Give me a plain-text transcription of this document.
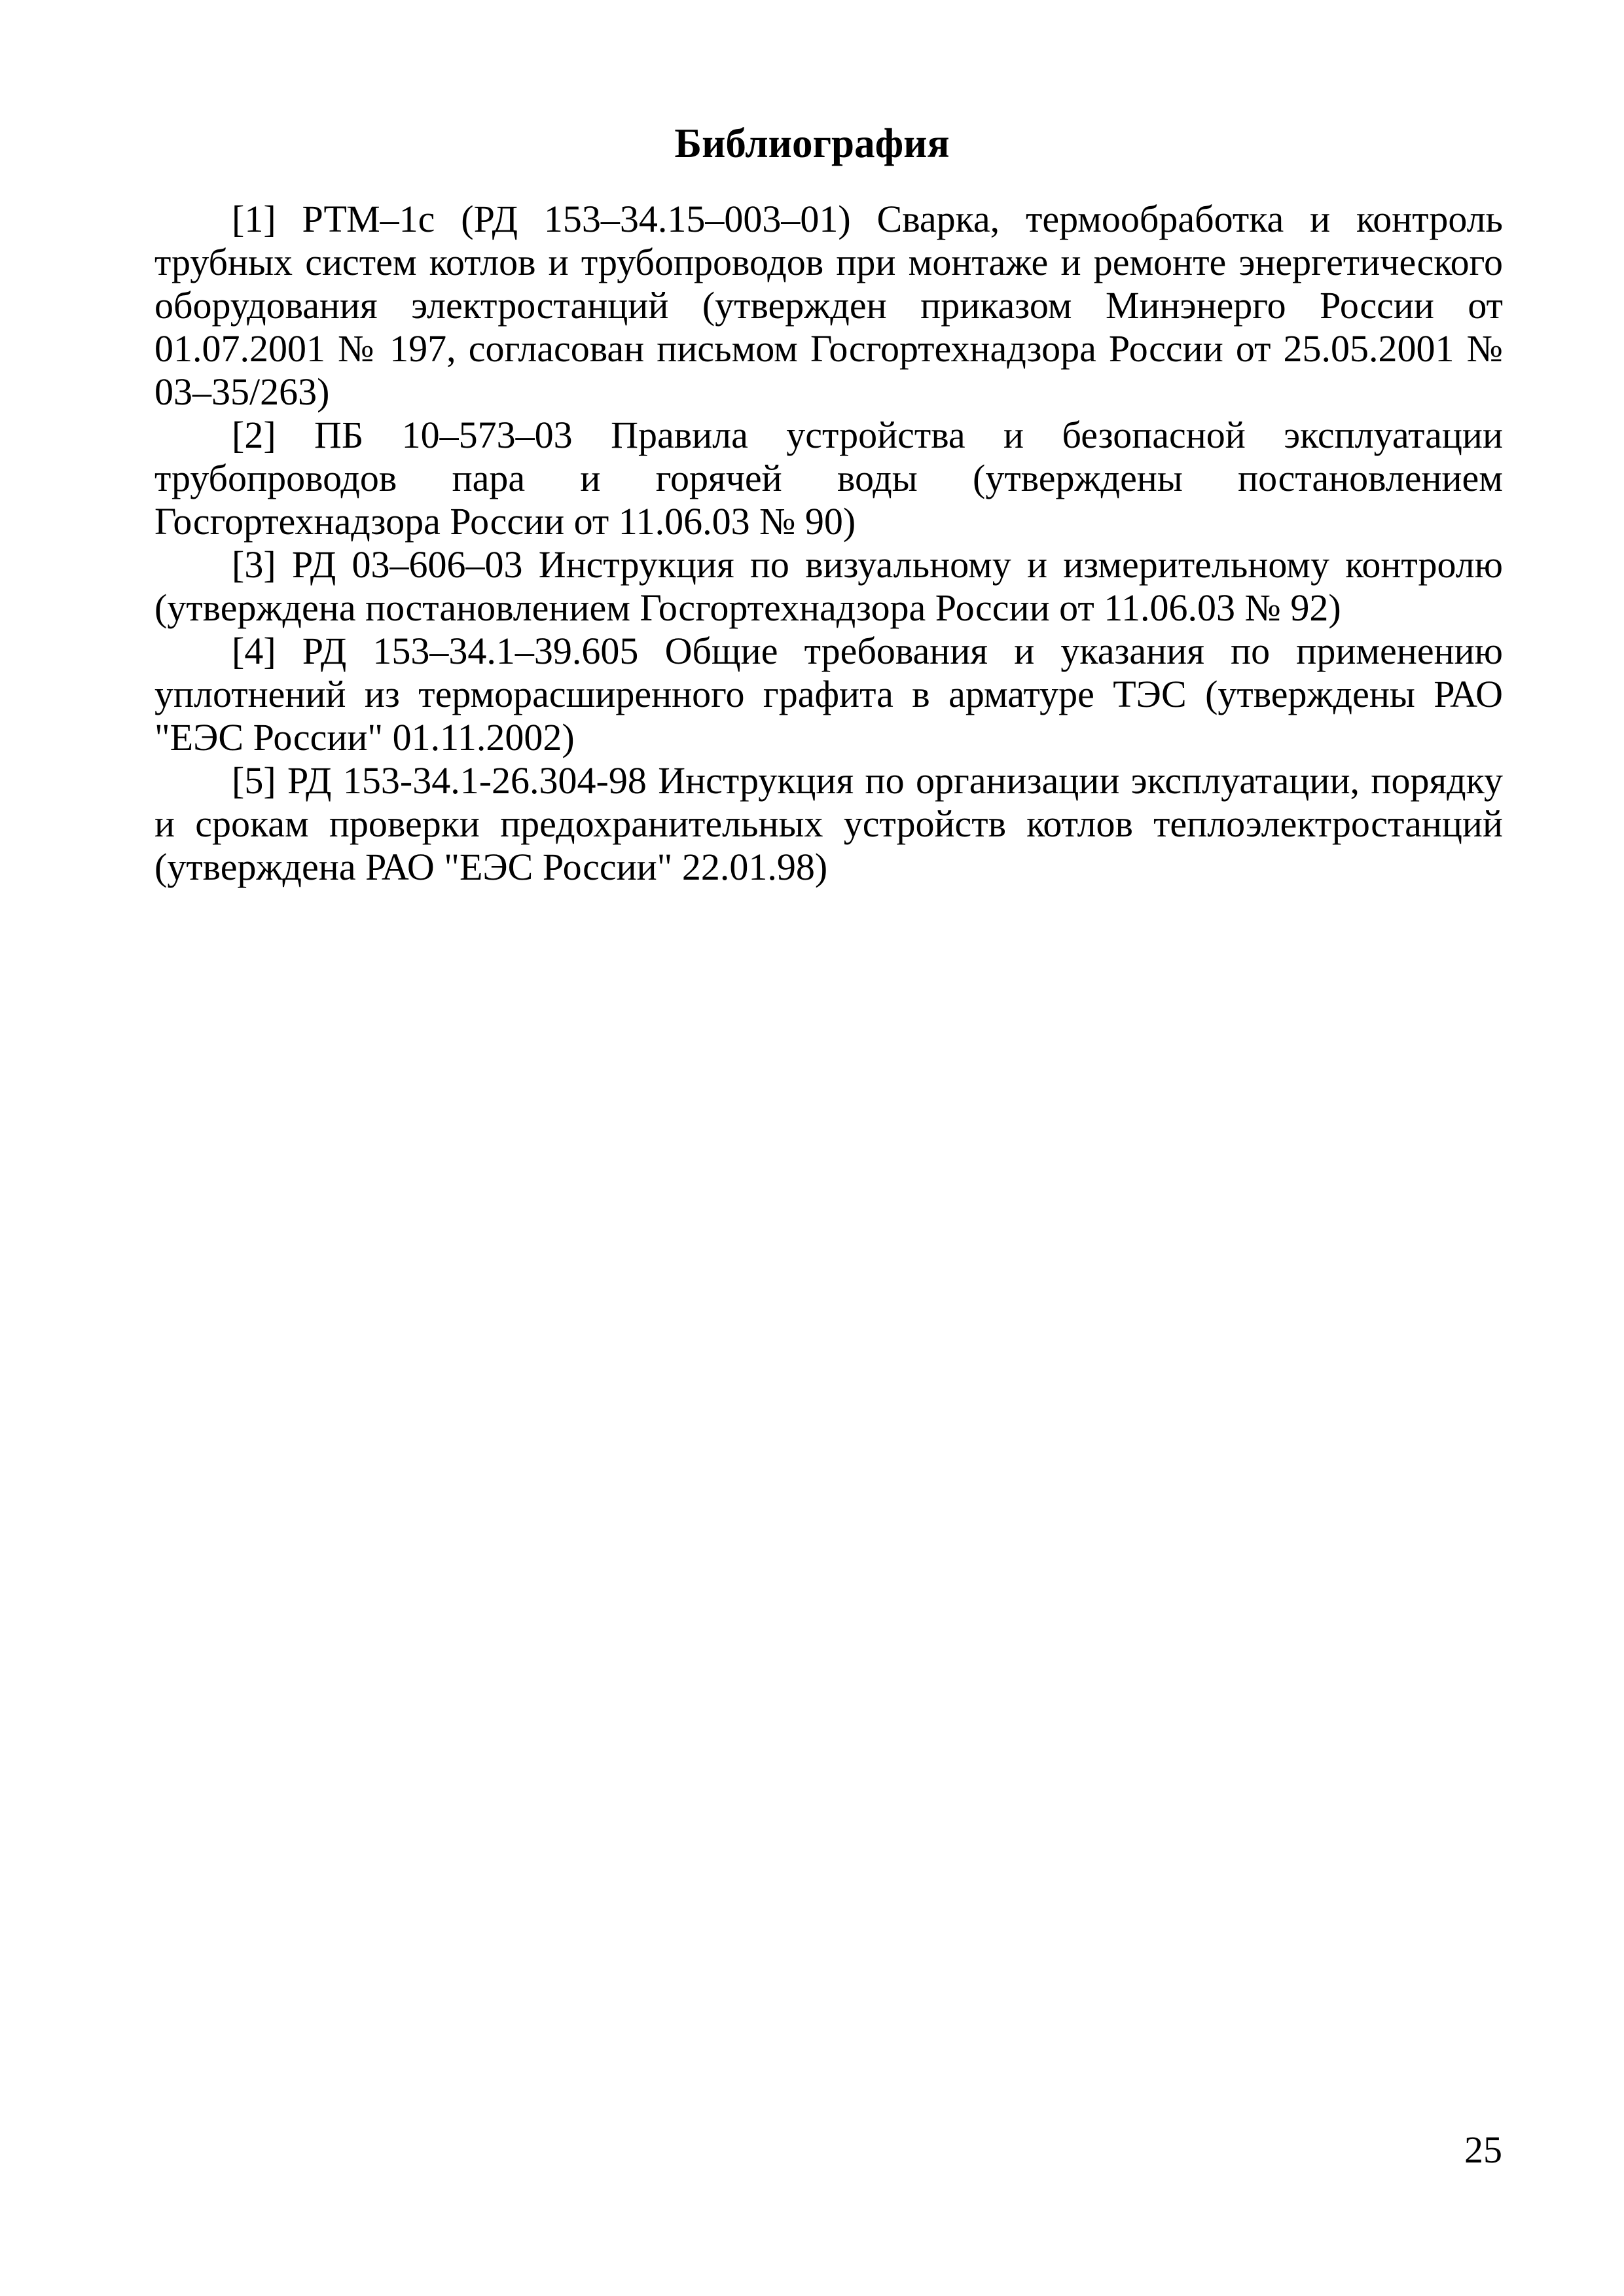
Библиография

[1] РТМ–1с (РД 153–34.15–003–01) Сварка, термообработка и контроль трубных систем котлов и трубопроводов при монтаже и ремонте энергетического оборудования электростанций (утвержден приказом Минэнерго России от 01.07.2001 № 197, согласован письмом Госгортехнадзора России от 25.05.2001 № 03–35/263)

[2] ПБ 10–573–03 Правила устройства и безопасной эксплуатации трубопроводов пара и горячей воды (утверждены постановлением Госгортехнадзора России от 11.06.03 № 90)

[3] РД 03–606–03 Инструкция по визуальному и измерительному контролю (утверждена постановлением Госгортехнадзора России от 11.06.03 № 92)

[4] РД 153–34.1–39.605 Общие требования и указания по применению уплотнений из терморасширенного графита в арматуре ТЭС (утверждены РАО "ЕЭС России" 01.11.2002)

[5] РД 153-34.1-26.304-98 Инструкция по организации эксплуатации, порядку и срокам проверки предохранительных устройств котлов теплоэлектростанций (утверждена РАО "ЕЭС России" 22.01.98)

25
